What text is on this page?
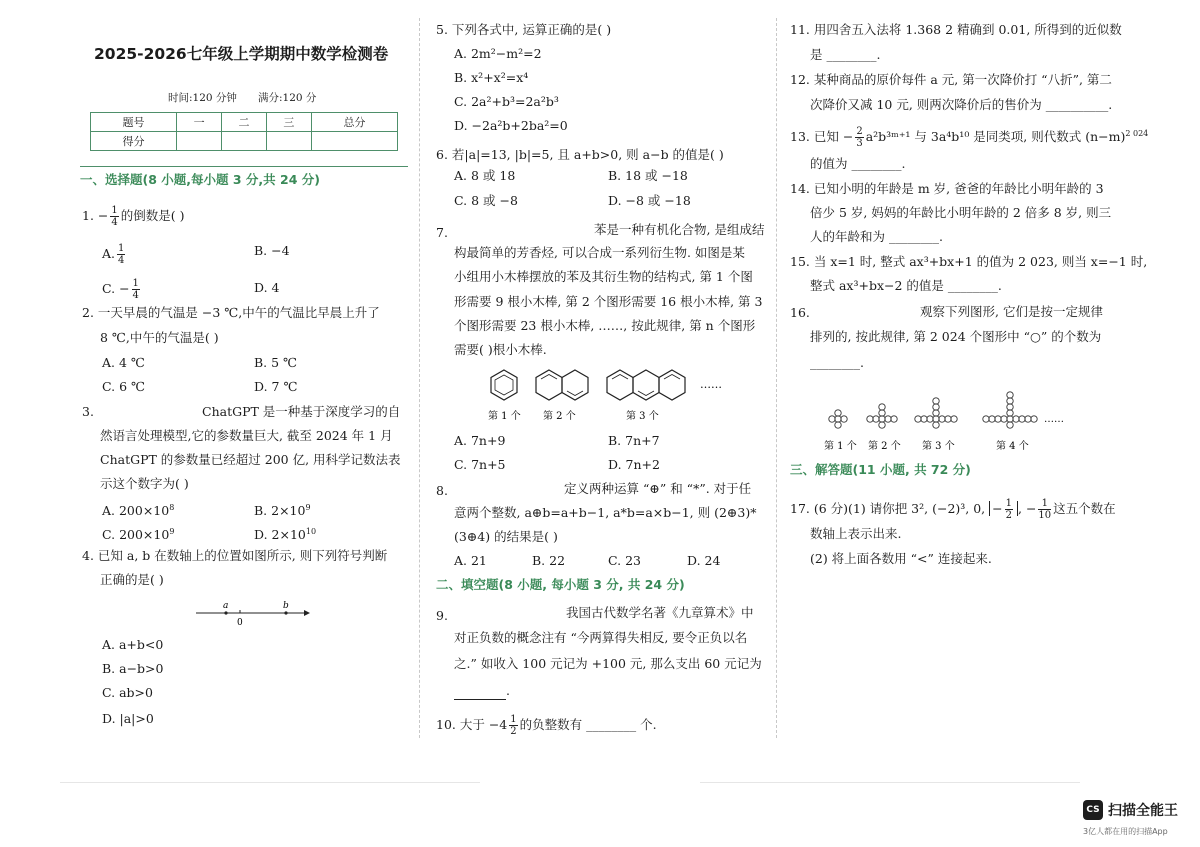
2025-2026七年级上学期期中数学检测卷
时间:120 分钟 满分:120 分
题号	一	二	三	总分
得分				
一、选择题(8 小题,每小题 3 分,共 24 分)
1. − $\frac{1}{4}$ 的倒数是( )
A. $\frac{1}{4}$	B. −4
C. − $\frac{1}{4}$	D. 4
2. 一天早晨的气温是 −3 ℃,中午的气温比早晨上升了
8 ℃,中午的气温是( )
A. 4 ℃	B. 5 ℃
C. 6 ℃	D. 7 ℃
3.	ChatGPT 是一种基于深度学习的自
然语言处理模型,它的参数量巨大, 截至 2024 年 1 月
ChatGPT 的参数量已经超过 200 亿, 用科学记数法表
示这个数字为( )
A. $200\times 10^8$	B. $2\times 10^9$
C. $200\times 10^9$	D. $2\times 10^{10}$
4. 已知 a, b 在数轴上的位置如图所示, 则下列符号判断
正确的是( )
a
0
b
A. a+b<0
B. a−b>0
C. ab>0
D. |a|>0
5. 下列各式中, 运算正确的是( )
A. 2m²−m²=2
B. x²+x²=x⁴
C. 2a²+b³=2a²b³
D. −2a²b+2ba²=0
6. 若|a|=13, |b|=5, 且 a+b>0, 则 a−b 的值是( )
A. 8 或 18	B. 18 或 −18
C. 8 或 −8	D. −8 或 −18
7.	苯是一种有机化合物, 是组成结
构最简单的芳香烃, 可以合成一系列衍生物. 如图是某
小组用小木棒摆放的苯及其衍生物的结构式, 第 1 个图
形需要 9 根小木棒, 第 2 个图形需要 16 根小木棒, 第 3
个图形需要 23 根小木棒, ……, 按此规律, 第 n 个图形
需要( )根小木棒.
……
第 1 个 第 2 个	第 3 个
A. 7n+9	B. 7n+7
C. 7n+5	D. 7n+2
8.	定义两种运算 “⊕” 和 “*”. 对于任
意两个整数, a⊕b=a+b−1, a*b=a×b−1, 则 (2⊕3)*
(3⊕4) 的结果是( )
A. 21	B. 22	C. 23	D. 24
二、填空题(8 小题, 每小题 3 分, 共 24 分)
9.	我国古代数学名著《九章算术》中
对正负数的概念注有 “今两算得失相反, 要令正负以名
之.” 如收入 100 元记为 +100 元, 那么支出 60 元记为
.
10. 大于 $-4 \frac{1}{2}$ 的负整数有 ________ 个.
11. 用四舍五入法将 1.368 2 精确到 0.01, 所得到的近似数
是 ________.
12. 某种商品的原价每件 a 元, 第一次降价打 “八折”, 第二
次降价又减 10 元, 则两次降价后的售价为 __________.
13. 已知 − $\frac{2}{3}$ a²b³ᵐ⁺¹ 与 3a⁴b¹⁰ 是同类项, 则代数式 $(n-m)^{2 024}$
的值为 ________.
14. 已知小明的年龄是 m 岁, 爸爸的年龄比小明年龄的 3
倍少 5 岁, 妈妈的年龄比小明年龄的 2 倍多 8 岁, 则三
人的年龄和为 ________.
15. 当 x=1 时, 整式 ax³+bx+1 的值为 2 023, 则当 x=−1 时,
整式 ax³+bx−2 的值是 ________.
16.	观察下列图形, 它们是按一定规律
排列的, 按此规律, 第 2 024 个图形中 “○” 的个数为
________.
……
第 1 个 第 2 个 第 3 个	第 4 个
三、解答题(11 小题, 共 72 分)
17. (6 分)(1) 请你把 3², (−2)³, 0, − $\frac{1}{2}$ , − $\frac{1}{10}$ 这五个数在
数轴上表示出来.
(2) 将上面各数用 “<” 连接起来.
CS 扫描全能王
3亿人都在用的扫描App
